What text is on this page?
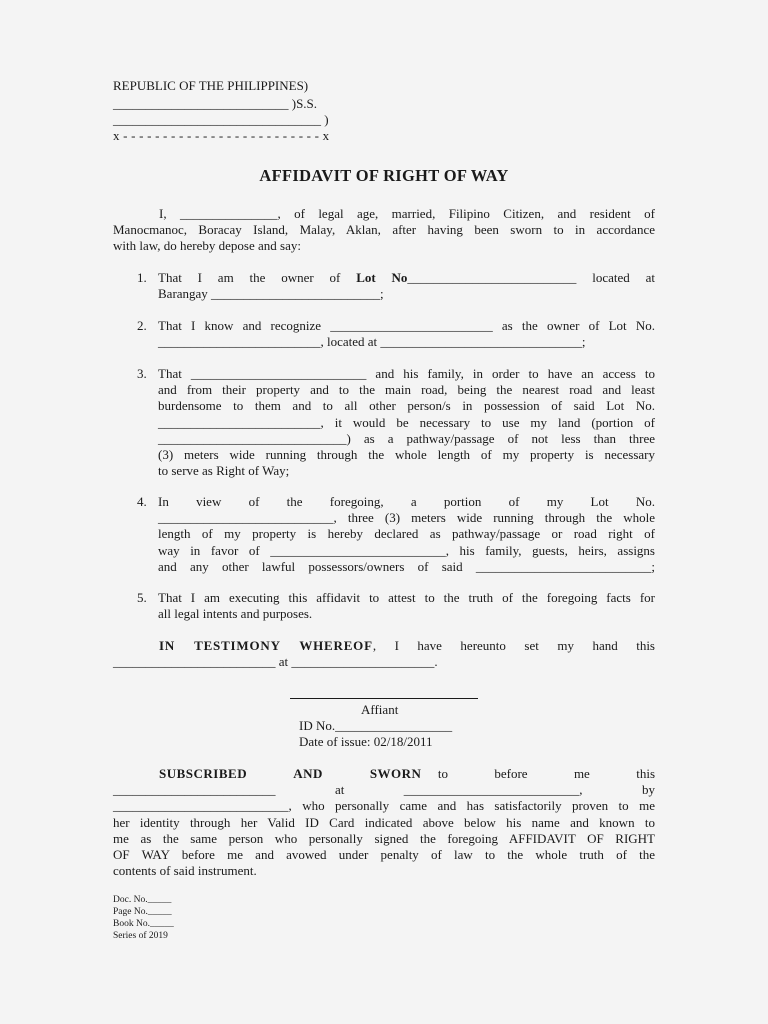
REPUBLIC OF THE PHILIPPINES)
___________________________ )S.S.
________________________________ )
x - - - - - - - - - - - - - - - - - - - - - - - - - x
AFFIDAVIT OF RIGHT OF WAY
I, _______________, of legal age, married, Filipino Citizen, and resident of
Manocmanoc, Boracay Island, Malay, Aklan, after having been sworn to in accordance
with law, do hereby depose and say:
1. That I am the owner of Lot No__________________________ located at
Barangay __________________________;
2. That I know and recognize _________________________ as the owner of Lot No.
_________________________, located at _______________________________;
3. That ___________________________ and his family, in order to have an access to
and from their property and to the main road, being the nearest road and least
burdensome to them and to all other person/s in possession of said Lot No.
_________________________, it would be necessary to use my land (portion of
_____________________________) as a pathway/passage of not less than three
(3) meters wide running through the whole length of my property is necessary
to serve as Right of Way;
4. In view of the foregoing, a portion of my Lot No.
___________________________, three (3) meters wide running through the whole
length of my property is hereby declared as pathway/passage or road right of
way in favor of ___________________________, his family, guests, heirs, assigns
and any other lawful possessors/owners of said ___________________________;
5. That I am executing this affidavit to attest to the truth of the foregoing facts for
all legal intents and purposes.
IN TESTIMONY WHEREOF, I have hereunto set my hand this
_________________________ at ______________________.
Affiant
ID No.__________________
Date of issue: 02/18/2011
SUBSCRIBED AND SWORN to before me this
_________________________	at	___________________________,	by
___________________________, who personally came and has satisfactorily proven to me
her identity through her Valid ID Card indicated above below his name and known to
me as the same person who personally signed the foregoing AFFIDAVIT OF RIGHT
OF WAY before me and avowed under penalty of law to the whole truth of the
contents of said instrument.
Doc. No._____
Page No._____
Book No._____
Series of 2019
